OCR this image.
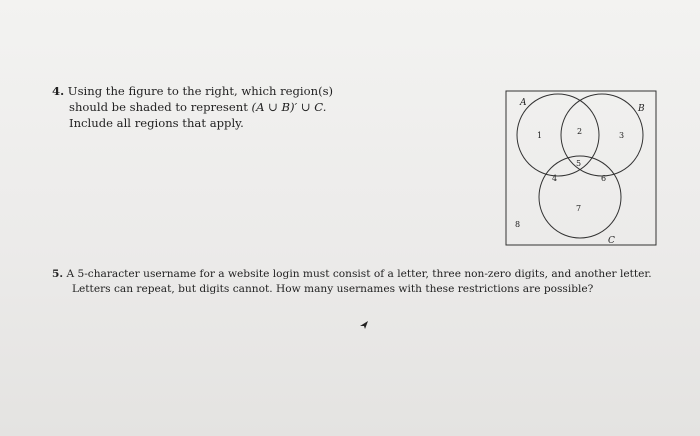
4. Using the figure to the right, which region(s)
should be shaded to represent (A ∪ B)′ ∪ C.
Include all regions that apply.
A
B
C
1	2	3
4
5
6
7
8
5. A 5-character username for a website login must consist of a letter, three non-zero digits, and another letter.
Letters can repeat, but digits cannot. How many usernames with these restrictions are possible?
